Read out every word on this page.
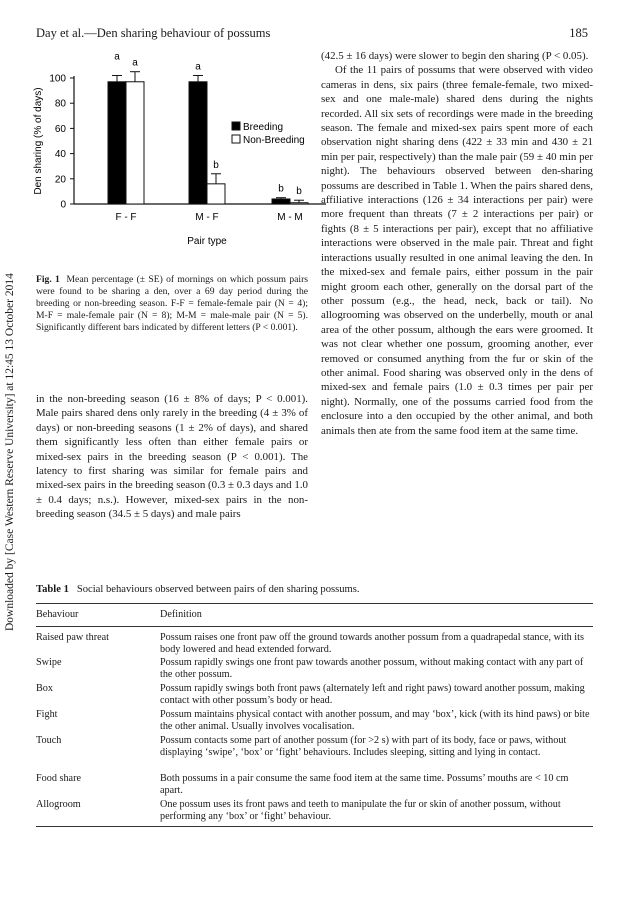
Day et al.—Den sharing behaviour of possums	185
Downloaded by [Case Western Reserve University] at 12:45 13 October 2014
0
20
40
60
80
100
Den sharing (% of days)
a
a
b
a
b
b
F - F	M - F	M - M
Pair type
Breeding
Non-Breeding
Fig. 1 Mean percentage (± SE) of mornings on which possum pairs were found to be sharing a den, over a 69 day period during the breeding or non-breeding season. F-F = female-female pair (N = 4); M-F = male-female pair (N = 8); M-M = male-male pair (N = 5). Significantly different bars indicated by different letters (P < 0.001).

in the non-breeding season (16 ± 8% of days; P < 0.001). Male pairs shared dens only rarely in the breeding (4 ± 3% of days) or non-breeding seasons (1 ± 2% of days), and shared them significantly less often than either female pairs or mixed-sex pairs in the breeding season (P < 0.001). The latency to first sharing was similar for female pairs and mixed-sex pairs in the breeding season (0.3 ± 0.3 days and 1.0 ± 0.4 days; n.s.). However, mixed-sex pairs in the non-breeding season (34.5 ± 5 days) and male pairs

(42.5 ± 16 days) were slower to begin den sharing (P < 0.05).

Of the 11 pairs of possums that were observed with video cameras in dens, six pairs (three female-female, two mixed-sex and one male-male) shared dens during the nights recorded. All six sets of recordings were made in the breeding season. The female and mixed-sex pairs spent more of each observation night sharing dens (422 ± 33 min and 430 ± 21 min per pair, respectively) than the male pair (59 ± 40 min per night). The behaviours observed between den-sharing possums are described in Table 1. When the pairs shared dens, affiliative interactions (126 ± 34 interactions per pair) were more frequent than threats (7 ± 2 interactions per pair) or fights (8 ± 5 interactions per pair), except that no affiliative interactions were observed in the male pair. Threat and fight interactions usually resulted in one animal leaving the den. In the mixed-sex and female pairs, either possum in the pair might groom each other, generally on the dorsal part of the other possum (e.g., the head, neck, back or tail). No allogrooming was observed on the underbelly, mouth or anal area of the other possum, although the ears were groomed. It was not clear whether one possum, grooming another, ever removed or consumed anything from the fur or skin of the other animal. Food sharing was observed only in the dens of mixed-sex and female pairs (1.0 ± 0.3 times per pair per night). Normally, one of the possums carried food from the enclosure into a den occupied by the other animal, and both animals then ate from the same food item at the same time.

Table 1 Social behaviours observed between pairs of den sharing possums.
Behaviour	Definition
Raised paw threat	Possum raises one front paw off the ground towards another possum from a quadrapedal stance, with its body lowered and head extended forward.
Swipe	Possum rapidly swings one front paw towards another possum, without making contact with any part of the other possum.
Box	Possum rapidly swings both front paws (alternately left and right paws) toward another possum, making contact with other possum’s body or head.
Fight	Possum maintains physical contact with another possum, and may ‘box’, kick (with its hind paws) or bite the other animal. Usually involves vocalisation.
Touch	Possum contacts some part of another possum (for >2 s) with part of its body, face or paws, without displaying ‘swipe’, ‘box’ or ‘fight’ behaviours. Includes sleeping, sitting and lying in contact.
Food share	Both possums in a pair consume the same food item at the same time. Possums’ mouths are < 10 cm apart.
Allogroom	One possum uses its front paws and teeth to manipulate the fur or skin of another possum, without performing any ‘box’ or ‘fight’ behaviour.
